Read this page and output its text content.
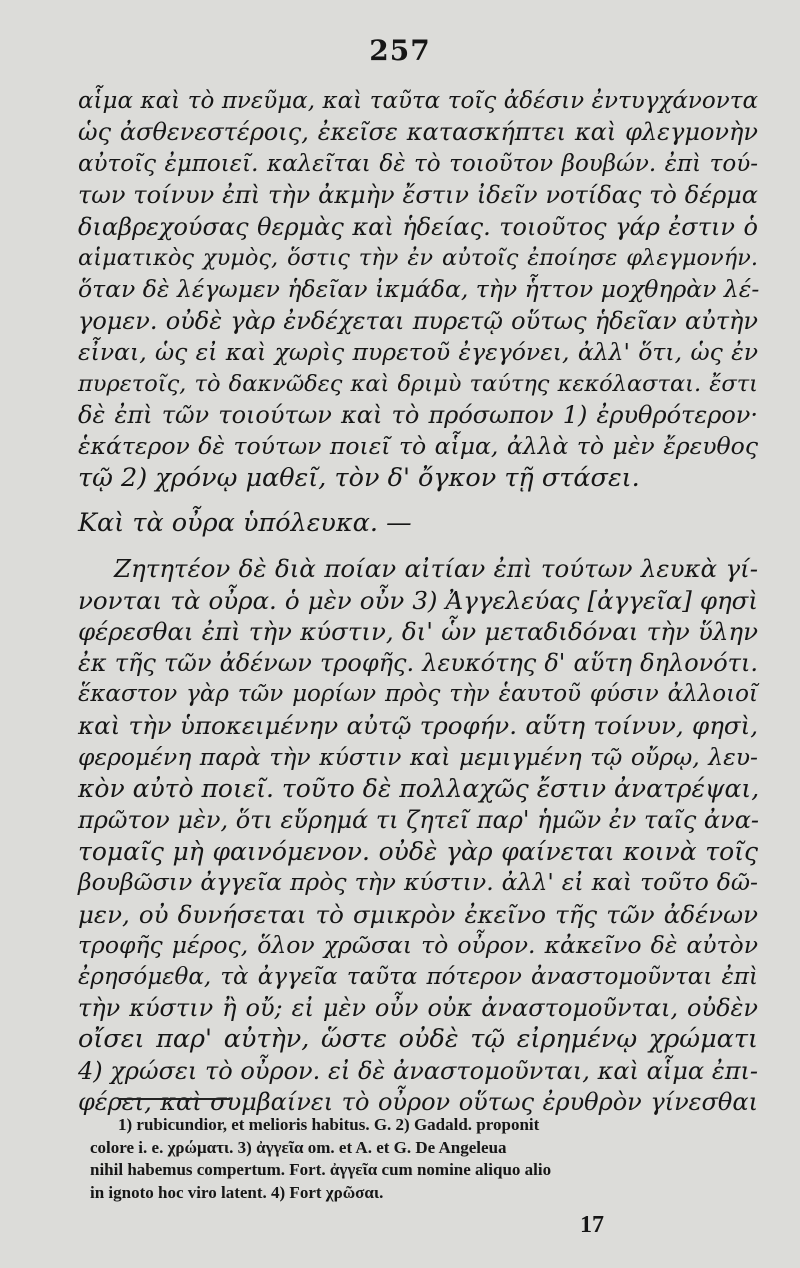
257
αἷμα καὶ τὸ πνεῦμα, καὶ ταῦτα τοῖς ἀδέσιν ἐντυγχάνοντα
ὡς ἀσθενεστέροις, ἐκεῖσε κατασκήπτει καὶ φλεγμονὴν
αὐτοῖς ἐμποιεῖ. καλεῖται δὲ τὸ τοιοῦτον βουβών. ἐπὶ τού-
των τοίνυν ἐπὶ τὴν ἀκμὴν ἔστιν ἰδεῖν νοτίδας τὸ δέρμα
διαβρεχούσας θερμὰς καὶ ἡδείας. τοιοῦτος γάρ ἐστιν ὁ
αἱματικὸς χυμὸς, ὅστις τὴν ἐν αὐτοῖς ἐποίησε φλεγμονήν.
ὅταν δὲ λέγωμεν ἡδεῖαν ἰκμάδα, τὴν ἧττον μοχθηρὰν λέ-
γομεν. οὐδὲ γὰρ ἐνδέχεται πυρετῷ οὕτως ἡδεῖαν αὐτὴν
εἶναι, ὡς εἰ καὶ χωρὶς πυρετοῦ ἐγεγόνει, ἀλλ' ὅτι, ὡς ἐν
πυρετοῖς, τὸ δακνῶδες καὶ δριμὺ ταύτης κεκόλασται. ἔστι
δὲ ἐπὶ τῶν τοιούτων καὶ τὸ πρόσωπον 1) ἐρυθρότερον·
ἑκάτερον δὲ τούτων ποιεῖ τὸ αἷμα, ἀλλὰ τὸ μὲν ἔρευθος
τῷ 2) χρόνῳ μαθεῖ, τὸν δ' ὄγκον τῇ στάσει.
Καὶ τὰ οὖρα ὑπόλευκα. —
Ζητητέον δὲ διὰ ποίαν αἰτίαν ἐπὶ τούτων λευκὰ γί-
νονται τὰ οὖρα. ὁ μὲν οὖν 3) Ἀγγελεύας [ἀγγεῖα] φησὶ
φέρεσθαι ἐπὶ τὴν κύστιν, δι' ὧν μεταδιδόναι τὴν ὕλην
ἐκ τῆς τῶν ἀδένων τροφῆς. λευκότης δ' αὕτη δηλονότι.
ἕκαστον γὰρ τῶν μορίων πρὸς τὴν ἑαυτοῦ φύσιν ἀλλοιοῖ
καὶ τὴν ὑποκειμένην αὐτῷ τροφήν. αὕτη τοίνυν, φησὶ,
φερομένη παρὰ τὴν κύστιν καὶ μεμιγμένη τῷ οὔρῳ, λευ-
κὸν αὐτὸ ποιεῖ. τοῦτο δὲ πολλαχῶς ἔστιν ἀνατρέψαι,
πρῶτον μὲν, ὅτι εὕρημά τι ζητεῖ παρ' ἡμῶν ἐν ταῖς ἀνα-
τομαῖς μὴ φαινόμενον. οὐδὲ γὰρ φαίνεται κοινὰ τοῖς
βουβῶσιν ἀγγεῖα πρὸς τὴν κύστιν. ἀλλ' εἰ καὶ τοῦτο δῶ-
μεν, οὐ δυνήσεται τὸ σμικρὸν ἐκεῖνο τῆς τῶν ἀδένων
τροφῆς μέρος, ὅλον χρῶσαι τὸ οὖρον. κἀκεῖνο δὲ αὐτὸν
ἐρησόμεθα, τὰ ἀγγεῖα ταῦτα πότερον ἀναστομοῦνται ἐπὶ
τὴν κύστιν ἢ οὔ; εἰ μὲν οὖν οὐκ ἀναστομοῦνται, οὐδὲν
οἴσει παρ' αὐτὴν, ὥστε οὐδὲ τῷ εἰρημένῳ χρώματι
4) χρώσει τὸ οὖρον. εἰ δὲ ἀναστομοῦνται, καὶ αἷμα ἐπι-
φέρει, καὶ συμβαίνει τὸ οὖρον οὕτως ἐρυθρὸν γίνεσθαι
1) rubicundior, et melioris habitus. G. 2) Gadald. proponit
colore i. e. χρώματι. 3) ἀγγεῖα om. et A. et G. De Angeleua
nihil habemus compertum. Fort. ἀγγεῖα cum nomine aliquo alio
in ignoto hoc viro latent. 4) Fort χρῶσαι.
17
